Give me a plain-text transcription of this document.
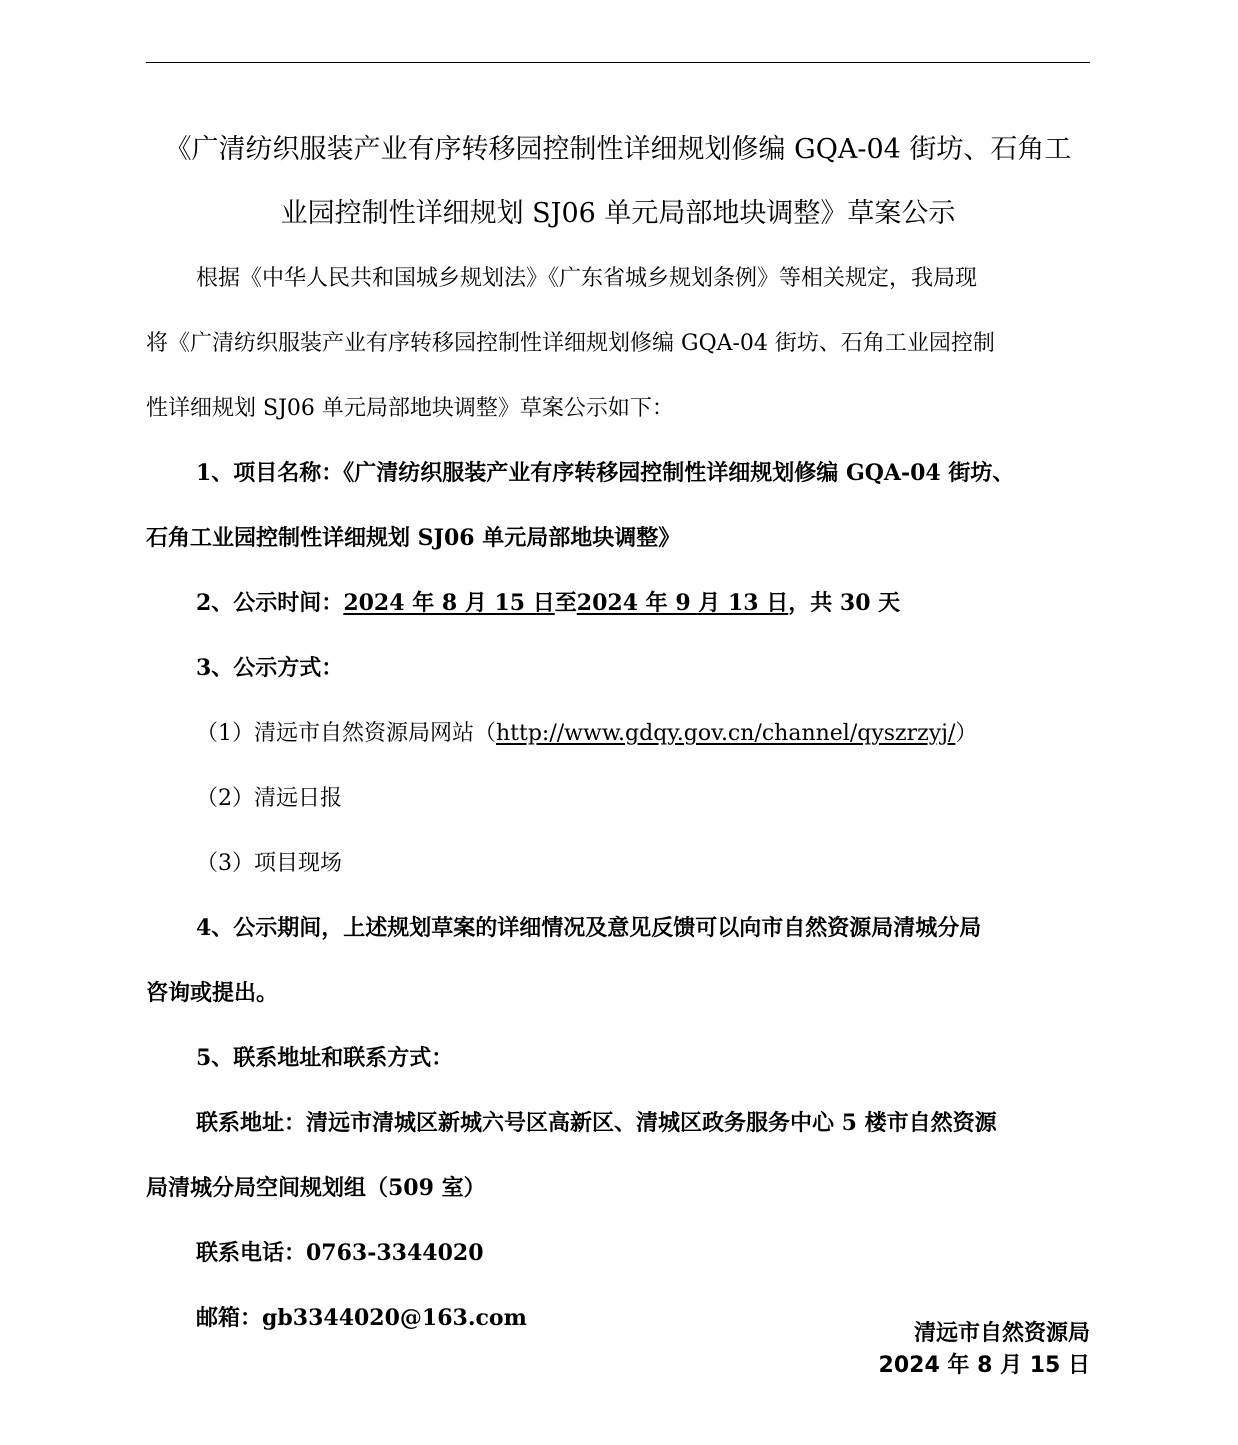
《广清纺织服装产业有序转移园控制性详细规划修编 GQA-04 街坊、石角工
业园控制性详细规划 SJ06 单元局部地块调整》草案公示

根据《中华人民共和国城乡规划法》《广东省城乡规划条例》等相关规定，我局现

将《广清纺织服装产业有序转移园控制性详细规划修编 GQA-04 街坊、石角工业园控制

性详细规划 SJ06 单元局部地块调整》草案公示如下：

1、项目名称：《广清纺织服装产业有序转移园控制性详细规划修编 GQA-04 街坊、

石角工业园控制性详细规划 SJ06 单元局部地块调整》

2、公示时间：2024 年 8 月 15 日至2024 年 9 月 13 日，共 30 天

3、公示方式：

（1）清远市自然资源局网站（http://www.gdqy.gov.cn/channel/qyszrzyj/）

（2）清远日报

（3）项目现场

4、公示期间，上述规划草案的详细情况及意见反馈可以向市自然资源局清城分局

咨询或提出。

5、联系地址和联系方式：

联系地址：清远市清城区新城六号区高新区、清城区政务服务中心 5 楼市自然资源

局清城分局空间规划组（509 室）

联系电话：0763-3344020

邮箱：gb3344020@163.com

清远市自然资源局
2024 年 8 月 15 日
